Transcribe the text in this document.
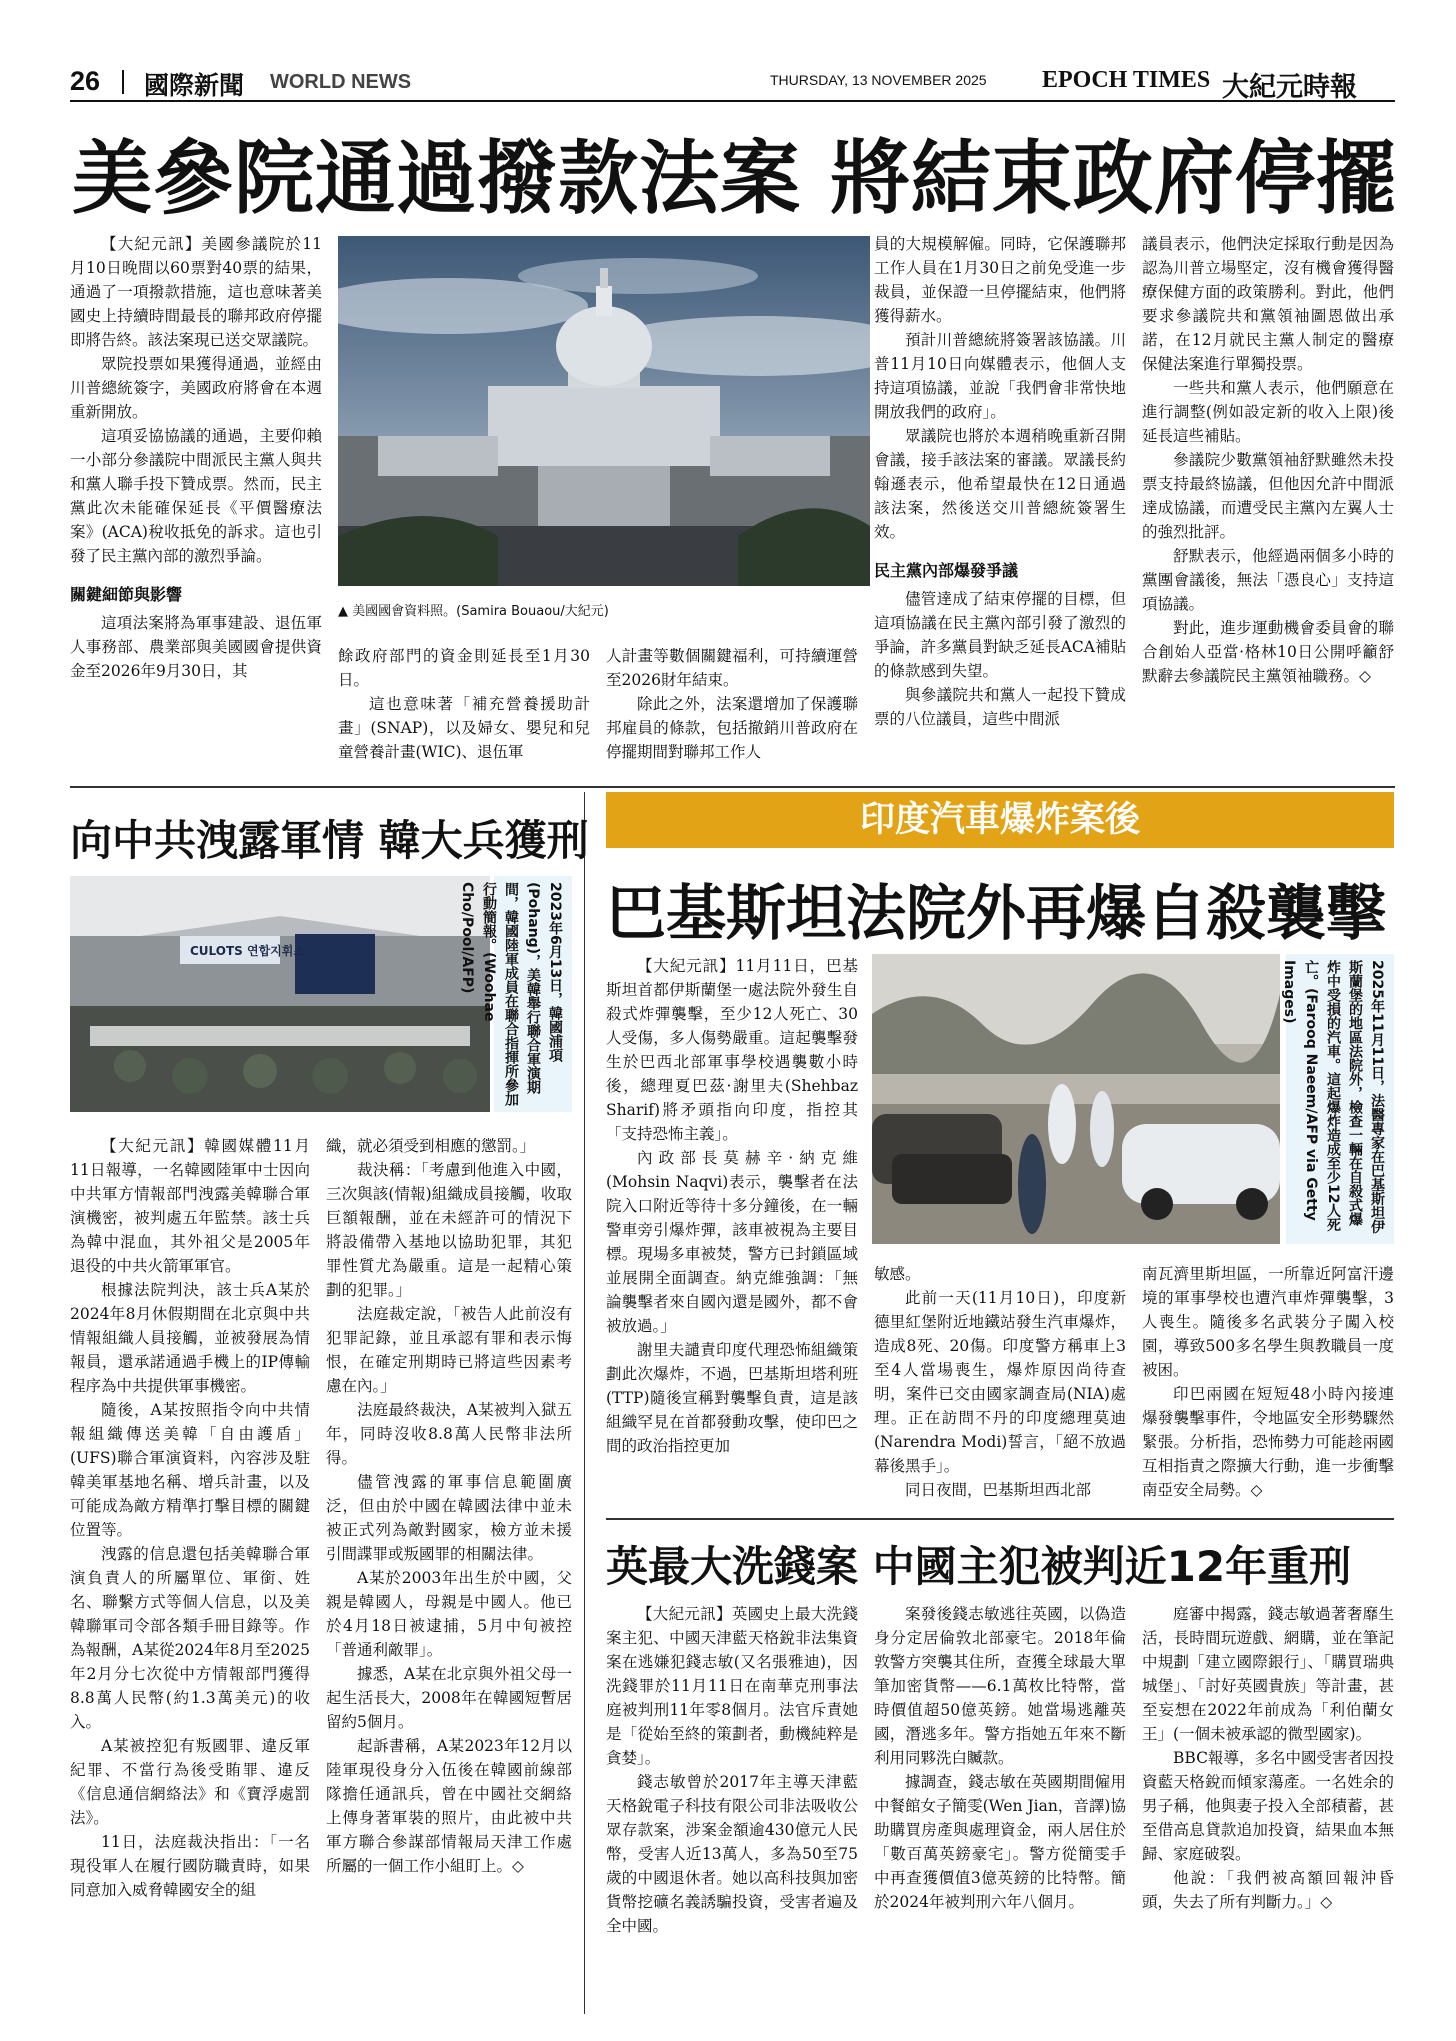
26 國際新聞 WORLD NEWS	THURSDAY, 13 NOVEMBER 2025 EPOCH TIMES 大紀元時報
美參院通過撥款法案 將結束政府停擺

【大紀元訊】美國參議院於11月10日晚間以60票對40票的結果，通過了一項撥款措施，這也意味著美國史上持續時間最長的聯邦政府停擺即將告終。該法案現已送交眾議院。

眾院投票如果獲得通過，並經由川普總統簽字，美國政府將會在本週重新開放。

這項妥協協議的通過，主要仰賴一小部分參議院中間派民主黨人與共和黨人聯手投下贊成票。然而，民主黨此次未能確保延長《平價醫療法案》(ACA)稅收抵免的訴求。這也引發了民主黨內部的激烈爭論。

關鍵細節與影響

這項法案將為軍事建設、退伍軍人事務部、農業部與美國國會提供資金至2026年9月30日，其

▲ 美國國會資料照。(Samira Bouaou/大紀元)

餘政府部門的資金則延長至1月30日。

這也意味著「補充營養援助計畫」(SNAP)，以及婦女、嬰兒和兒童營養計畫(WIC)、退伍軍

人計畫等數個關鍵福利，可持續運營至2026財年結束。

除此之外，法案還增加了保護聯邦雇員的條款，包括撤銷川普政府在停擺期間對聯邦工作人

員的大規模解僱。同時，它保護聯邦工作人員在1月30日之前免受進一步裁員，並保證一旦停擺結束，他們將獲得薪水。

預計川普總統將簽署該協議。川普11月10日向媒體表示，他個人支持這項協議，並說「我們會非常快地開放我們的政府」。

眾議院也將於本週稍晚重新召開會議，接手該法案的審議。眾議長約翰遜表示，他希望最快在12日通過該法案，然後送交川普總統簽署生效。

民主黨內部爆發爭議

儘管達成了結束停擺的目標，但這項協議在民主黨內部引發了激烈的爭論，許多黨員對缺乏延長ACA補貼的條款感到失望。

與參議院共和黨人一起投下贊成票的八位議員，這些中間派

議員表示，他們決定採取行動是因為認為川普立場堅定，沒有機會獲得醫療保健方面的政策勝利。對此，他們要求參議院共和黨領袖圖恩做出承諾，在12月就民主黨人制定的醫療保健法案進行單獨投票。

一些共和黨人表示，他們願意在進行調整(例如設定新的收入上限)後延長這些補貼。

參議院少數黨領袖舒默雖然未投票支持最終協議，但他因允許中間派達成協議，而遭受民主黨內左翼人士的強烈批評。

舒默表示，他經過兩個多小時的黨團會議後，無法「憑良心」支持這項協議。

對此，進步運動機會委員會的聯合創始人亞當·格林10日公開呼籲舒默辭去參議院民主黨領袖職務。◇

向中共洩露軍情 韓大兵獲刑
CULOTS 연합지휘소	2023年6月13日，韓國浦項(Pohang)，美韓舉行聯合軍演期間，韓國陸軍成員在聯合指揮所參加行動簡報。(Woohae Cho/Pool/AFP)

【大紀元訊】韓國媒體11月11日報導，一名韓國陸軍中士因向中共軍方情報部門洩露美韓聯合軍演機密，被判處五年監禁。該士兵為韓中混血，其外祖父是2005年退役的中共火箭軍軍官。

根據法院判決，該士兵A某於2024年8月休假期間在北京與中共情報組織人員接觸，並被發展為情報員，還承諾通過手機上的IP傳輸程序為中共提供軍事機密。

隨後，A某按照指令向中共情報組織傳送美韓「自由護盾」(UFS)聯合軍演資料，內容涉及駐韓美軍基地名稱、增兵計畫，以及可能成為敵方精準打擊目標的關鍵位置等。

洩露的信息還包括美韓聯合軍演負責人的所屬單位、軍銜、姓名、聯繫方式等個人信息，以及美韓聯軍司令部各類手冊目錄等。作為報酬，A某從2024年8月至2025年2月分七次從中方情報部門獲得8.8萬人民幣(約1.3萬美元)的收入。

A某被控犯有叛國罪、違反軍紀罪、不當行為後受賄罪、違反《信息通信網絡法》和《寶浮處罰法》。

11日，法庭裁決指出：「一名現役軍人在履行國防職責時，如果同意加入威脅韓國安全的組

織，就必須受到相應的懲罰。」

裁決稱：「考慮到他進入中國，三次與該(情報)組織成員接觸，收取巨額報酬，並在未經許可的情況下將設備帶入基地以協助犯罪，其犯罪性質尤為嚴重。這是一起精心策劃的犯罪。」

法庭裁定說，「被告人此前沒有犯罪記錄，並且承認有罪和表示悔恨，在確定刑期時已將這些因素考慮在內。」

法庭最終裁決，A某被判入獄五年，同時沒收8.8萬人民幣非法所得。

儘管洩露的軍事信息範圍廣泛，但由於中國在韓國法律中並未被正式列為敵對國家，檢方並未援引間諜罪或叛國罪的相關法律。

A某於2003年出生於中國，父親是韓國人，母親是中國人。他已於4月18日被逮捕，5月中旬被控「普通利敵罪」。

據悉，A某在北京與外祖父母一起生活長大，2008年在韓國短暫居留約5個月。

起訴書稱，A某2023年12月以陸軍現役身分入伍後在韓國前線部隊擔任通訊兵，曾在中國社交網絡上傳身著軍裝的照片，由此被中共軍方聯合參謀部情報局天津工作處所屬的一個工作小組盯上。◇

印度汽車爆炸案後
巴基斯坦法院外再爆自殺襲擊

【大紀元訊】11月11日，巴基斯坦首都伊斯蘭堡一處法院外發生自殺式炸彈襲擊，至少12人死亡、30人受傷，多人傷勢嚴重。這起襲擊發生於巴西北部軍事學校遇襲數小時後，總理夏巴茲·謝里夫(Shehbaz Sharif)將矛頭指向印度，指控其「支持恐怖主義」。

內政部長莫赫辛·納克維(Mohsin Naqvi)表示，襲擊者在法院入口附近等待十多分鐘後，在一輛警車旁引爆炸彈，該車被視為主要目標。現場多車被焚，警方已封鎖區域並展開全面調查。納克維強調：「無論襲擊者來自國內還是國外，都不會被放過。」

謝里夫譴責印度代理恐怖組織策劃此次爆炸，不過，巴基斯坦塔利班(TTP)隨後宣稱對襲擊負責，這是該組織罕見在首都發動攻擊，使印巴之間的政治指控更加

2025年11月11日，法醫專家在巴基斯坦伊斯蘭堡的地區法院外，檢查一輛在自殺式爆炸中受損的汽車。這起爆炸造成至少12人死亡。(Farooq Naeem/AFP via Getty Images)

敏感。

此前一天(11月10日)，印度新德里紅堡附近地鐵站發生汽車爆炸，造成8死、20傷。印度警方稱車上3至4人當場喪生，爆炸原因尚待查明，案件已交由國家調查局(NIA)處理。正在訪問不丹的印度總理莫迪(Narendra Modi)誓言，「絕不放過幕後黑手」。

同日夜間，巴基斯坦西北部

南瓦濟里斯坦區，一所靠近阿富汗邊境的軍事學校也遭汽車炸彈襲擊，3人喪生。隨後多名武裝分子闖入校園，導致500多名學生與教職員一度被困。

印巴兩國在短短48小時內接連爆發襲擊事件，令地區安全形勢驟然緊張。分析指，恐怖勢力可能趁兩國互相指責之際擴大行動，進一步衝擊南亞安全局勢。◇

英最大洗錢案 中國主犯被判近12年重刑

【大紀元訊】英國史上最大洗錢案主犯、中國天津藍天格銳非法集資案在逃嫌犯錢志敏(又名張雅迪)，因洗錢罪於11月11日在南華克刑事法庭被判刑11年零8個月。法官斥責她是「從始至終的策劃者，動機純粹是貪婪」。

錢志敏曾於2017年主導天津藍天格銳電子科技有限公司非法吸收公眾存款案，涉案金額逾430億元人民幣，受害人近13萬人，多為50至75歲的中國退休者。她以高科技與加密貨幣挖礦名義誘騙投資，受害者遍及全中國。

案發後錢志敏逃往英國，以偽造身分定居倫敦北部豪宅。2018年倫敦警方突襲其住所，查獲全球最大單筆加密貨幣——6.1萬枚比特幣，當時價值超50億英鎊。她當場逃離英國，潛逃多年。警方指她五年來不斷利用同夥洗白贓款。

據調查，錢志敏在英國期間僱用中餐館女子簡雯(Wen Jian，音譯)協助購買房產與處理資金，兩人居住於「數百萬英鎊豪宅」。警方從簡雯手中再查獲價值3億英鎊的比特幣。簡於2024年被判刑六年八個月。

庭審中揭露，錢志敏過著奢靡生活，長時間玩遊戲、網購，並在筆記中規劃「建立國際銀行」、「購買瑞典城堡」、「討好英國貴族」等計畫，甚至妄想在2022年前成為「利伯蘭女王」(一個未被承認的微型國家)。

BBC報導，多名中國受害者因投資藍天格銳而傾家蕩產。一名姓余的男子稱，他與妻子投入全部積蓄，甚至借高息貸款追加投資，結果血本無歸、家庭破裂。

他說：「我們被高額回報沖昏頭，失去了所有判斷力。」◇
